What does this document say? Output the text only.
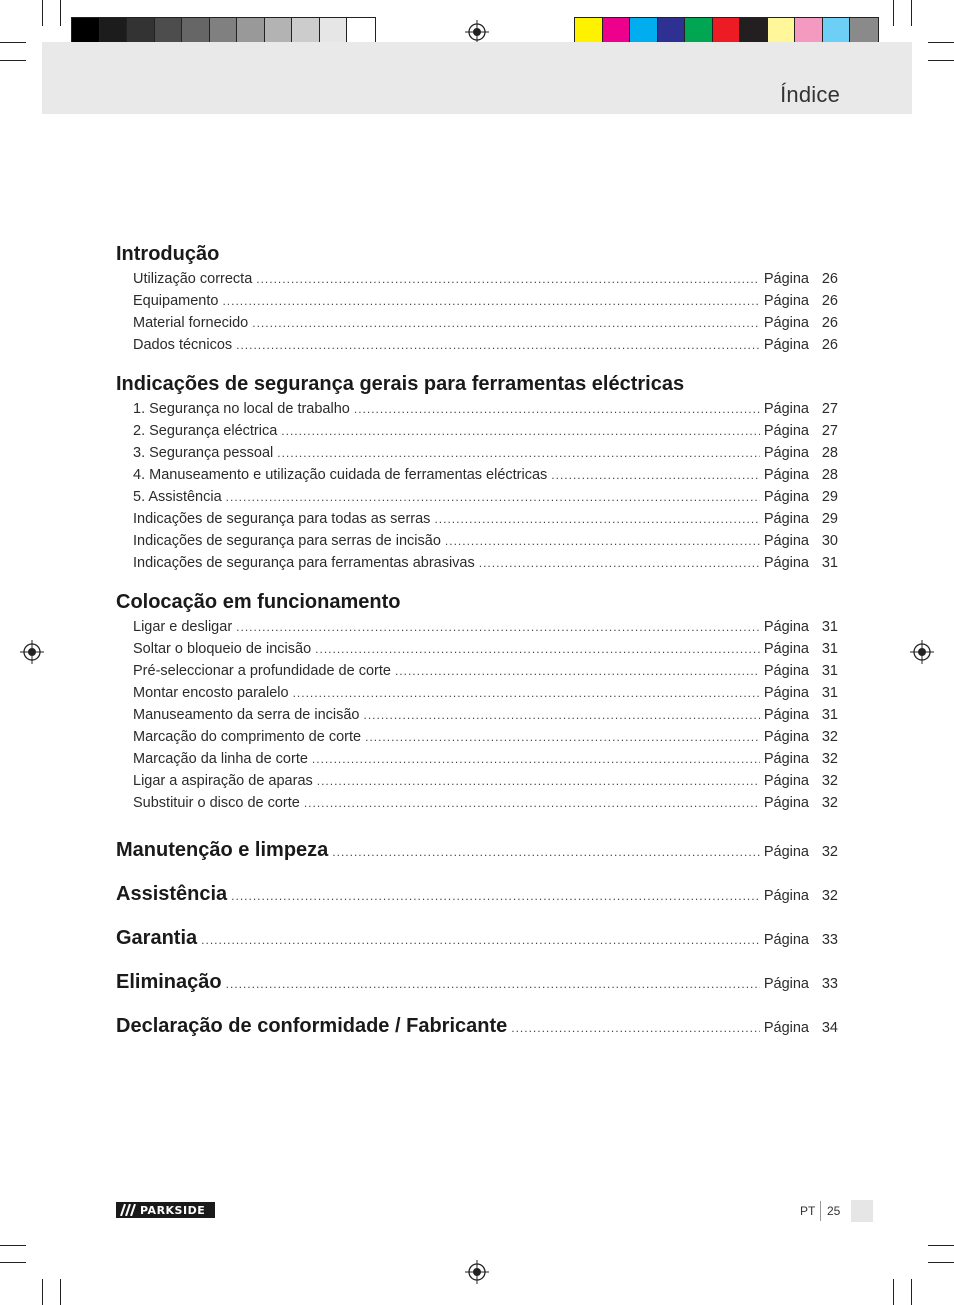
Índice
Introdução
Utilização correcta .....	Página 26
Equipamento .....	Página 26
Material fornecido .....	Página 26
Dados técnicos .....	Página 26
Indicações de segurança gerais para ferramentas eléctricas
1. Segurança no local de trabalho .....	Página 27
2. Segurança eléctrica .....	Página 27
3. Segurança pessoal .....	Página 28
4. Manuseamento e utilização cuidada de ferramentas eléctricas .....	Página 28
5. Assistência .....	Página 29
Indicações de segurança para todas as serras .....	Página 29
Indicações de segurança para serras de incisão .....	Página 30
Indicações de segurança para ferramentas abrasivas .....	Página 31
Colocação em funcionamento
Ligar e desligar .....	Página 31
Soltar o bloqueio de incisão .....	Página 31
Pré-seleccionar a profundidade de corte .....	Página 31
Montar encosto paralelo .....	Página 31
Manuseamento da serra de incisão .....	Página 31
Marcação do comprimento de corte .....	Página 32
Marcação da linha de corte .....	Página 32
Ligar a aspiração de aparas .....	Página 32
Substituir o disco de corte .....	Página 32
Manutenção e limpeza .....	Página 32
Assistência .....	Página 32
Garantia .....	Página 33
Eliminação .....	Página 33
Declaração de conformidade / Fabricante .....	Página 34
PARKSIDE	PT 25
